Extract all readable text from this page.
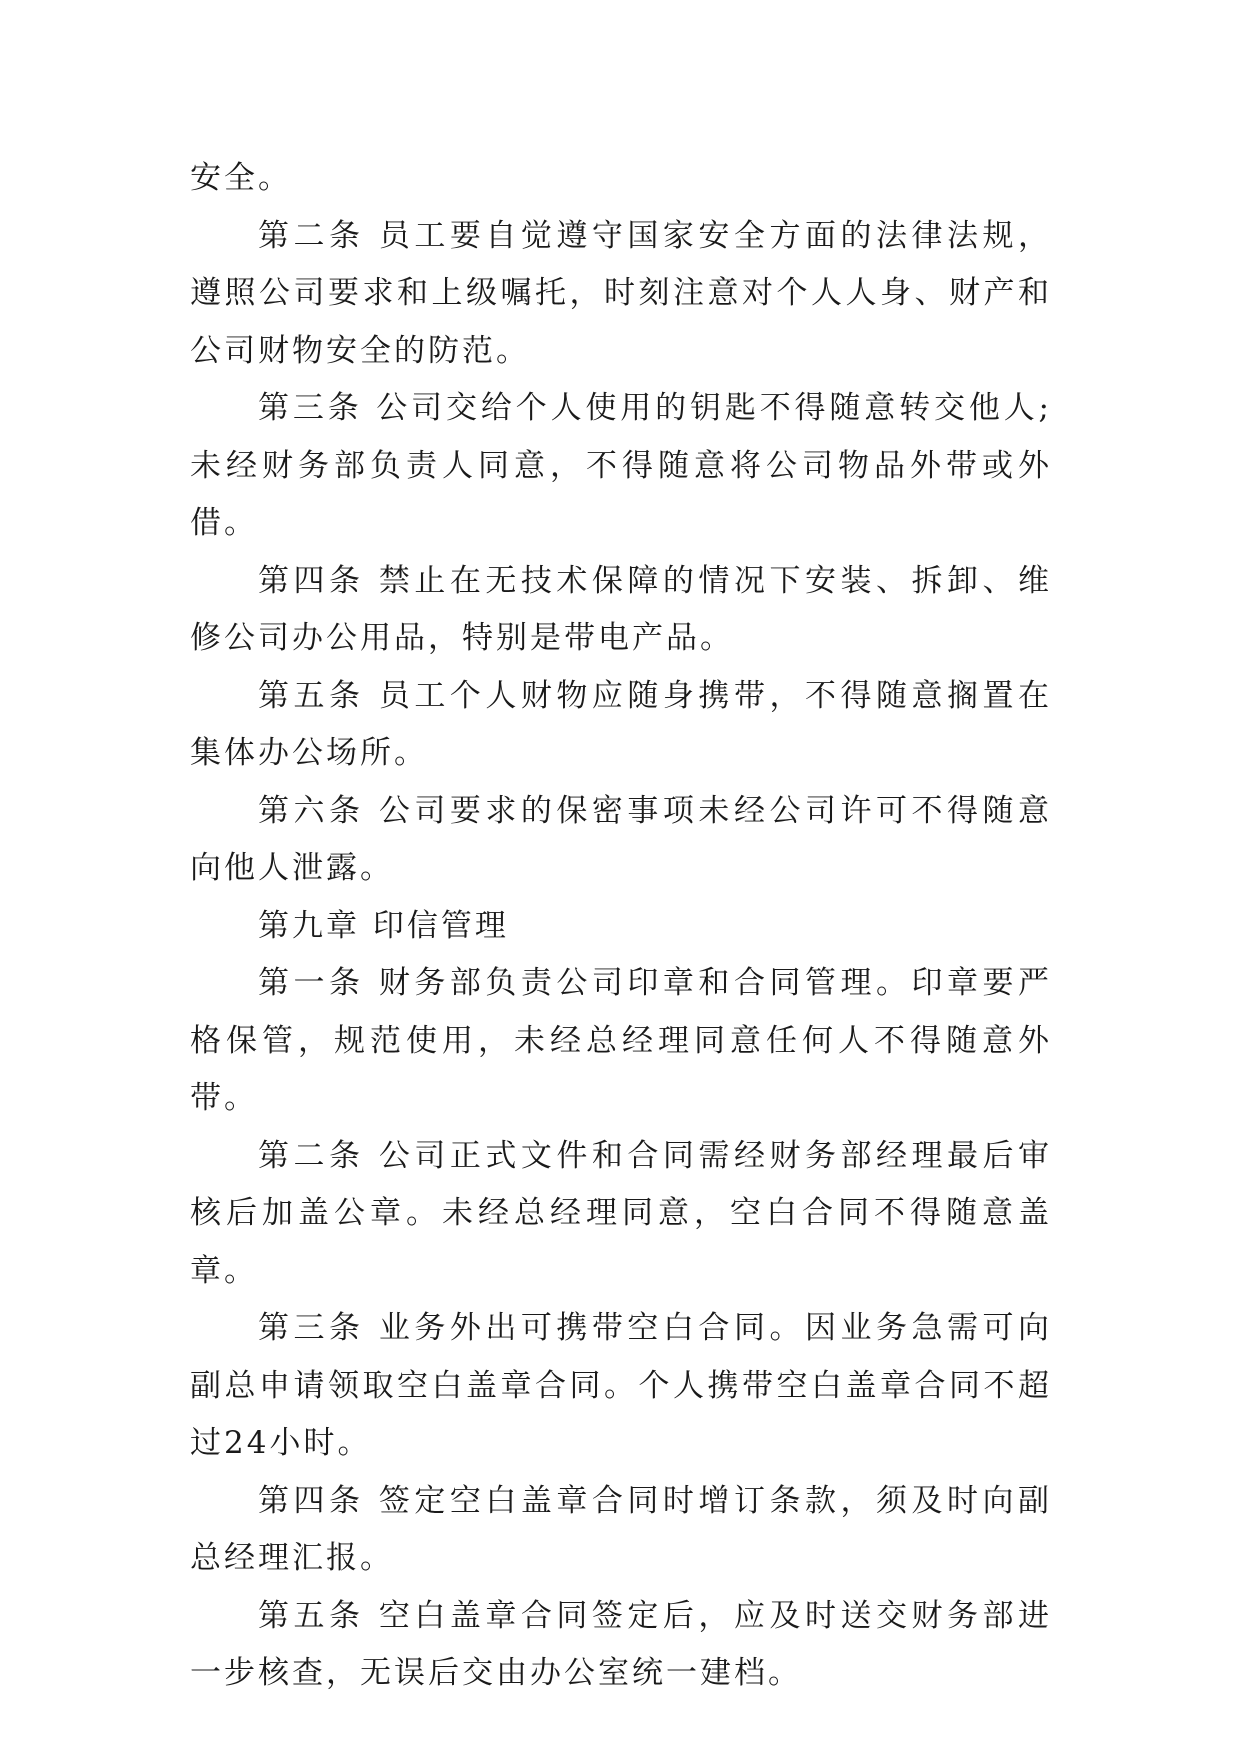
安全。

第二条 员工要自觉遵守国家安全方面的法律法规，遵照公司要求和上级嘱托，时刻注意对个人人身、财产和公司财物安全的防范。

第三条 公司交给个人使用的钥匙不得随意转交他人;未经财务部负责人同意，不得随意将公司物品外带或外借。

第四条 禁止在无技术保障的情况下安装、拆卸、维修公司办公用品，特别是带电产品。

第五条 员工个人财物应随身携带，不得随意搁置在集体办公场所。

第六条 公司要求的保密事项未经公司许可不得随意向他人泄露。

第九章 印信管理

第一条 财务部负责公司印章和合同管理。印章要严格保管，规范使用，未经总经理同意任何人不得随意外带。

第二条 公司正式文件和合同需经财务部经理最后审核后加盖公章。未经总经理同意，空白合同不得随意盖章。

第三条 业务外出可携带空白合同。因业务急需可向副总申请领取空白盖章合同。个人携带空白盖章合同不超过24小时。

第四条 签定空白盖章合同时增订条款，须及时向副总经理汇报。

第五条 空白盖章合同签定后，应及时送交财务部进一步核查，无误后交由办公室统一建档。
